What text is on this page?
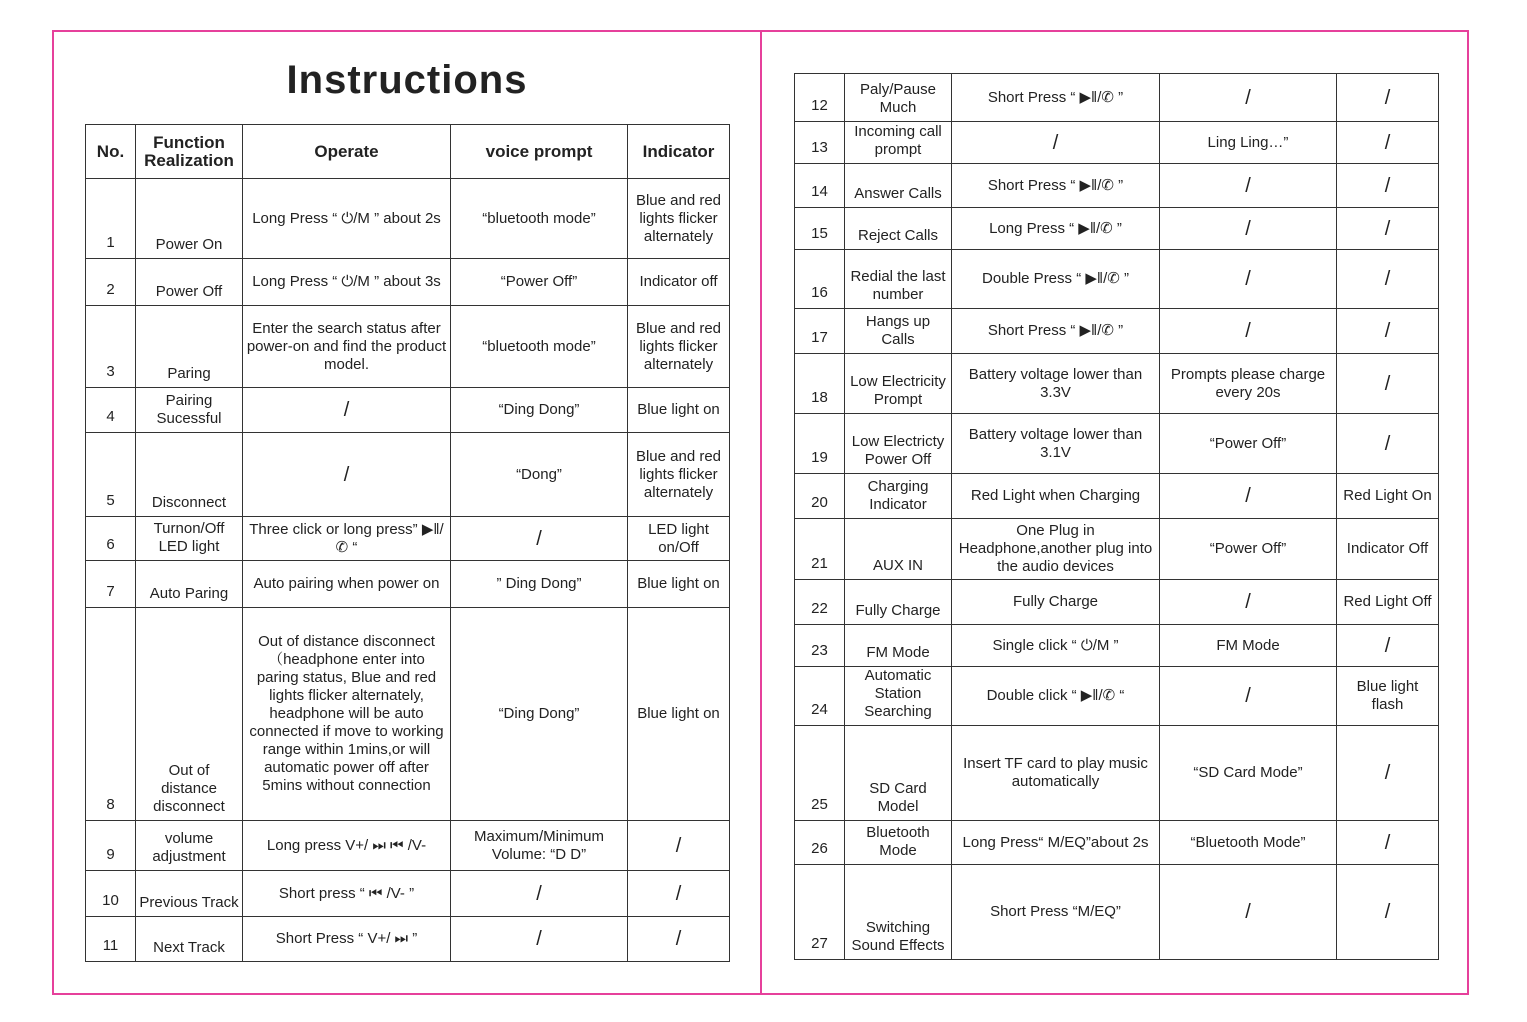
Instructions
No.	Function Realization	Operate	voice prompt	Indicator
1	Power On	Long Press “ ⏻/M ” about 2s	“bluetooth mode”	Blue and red lights flicker alternately
2	Power Off	Long Press “ ⏻/M ” about 3s	“Power Off”	Indicator off
3	Paring	Enter the search status after power-on and find the product model.	“bluetooth mode”	Blue and red lights flicker alternately
4	Pairing Sucessful	/	“Ding Dong”	Blue light on
5	Disconnect	/	“Dong”	Blue and red lights flicker alternately
6	Turnon/Off LED light	Three click or long press” ▶‖/✆ “	/	LED light on/Off
7	Auto Paring	Auto pairing when power on	” Ding Dong”	Blue light on
8	Out of distance disconnect	Out of distance disconnect（headphone enter into paring status, Blue and red lights flicker alternately, headphone will be auto connected if move to working range within 1mins,or will automatic power off after 5mins without connection	“Ding Dong”	Blue light on
9	volume adjustment	Long press V+/ ⏭ ⏮ /V-	Maximum/Minimum Volume: “D D”	/
10	Previous Track	Short press “ ⏮ /V- ”	/	/
11	Next Track	Short Press “ V+/ ⏭ ”	/	/
12	Paly/Pause Much	Short Press “ ▶‖/✆ ”	/	/
13	Incoming call prompt	/	Ling Ling…”	/
14	Answer Calls	Short Press “ ▶‖/✆ ”	/	/
15	Reject Calls	Long Press “ ▶‖/✆ ”	/	/
16	Redial the last number	Double Press “ ▶‖/✆ ”	/	/
17	Hangs up Calls	Short Press “ ▶‖/✆ ”	/	/
18	Low Electricity Prompt	Battery voltage lower than 3.3V	Prompts please charge every 20s	/
19	Low Electricty Power Off	Battery voltage lower than 3.1V	“Power Off”	/
20	Charging Indicator	Red Light when Charging	/	Red Light On
21	AUX IN	One Plug in Headphone,another plug into the audio devices	“Power Off”	Indicator Off
22	Fully Charge	Fully Charge	/	Red Light Off
23	FM Mode	Single click “ ⏻/M ”	FM Mode	/
24	Automatic Station Searching	Double click “ ▶‖/✆ “	/	Blue light flash
25	SD Card Model	Insert TF card to play music automatically	“SD Card Mode”	/
26	Bluetooth Mode	Long Press“ M/EQ”about 2s	“Bluetooth Mode”	/
27	Switching Sound Effects	Short Press “M/EQ”	/	/
